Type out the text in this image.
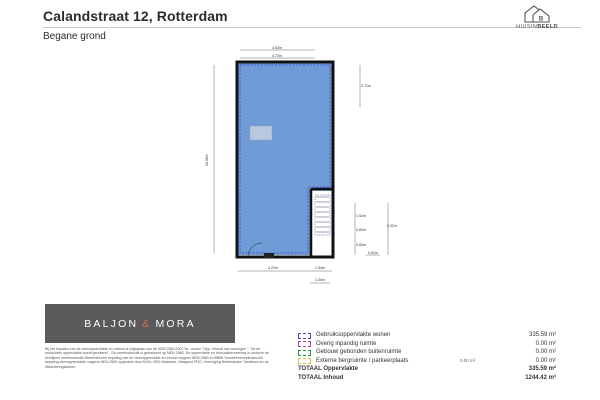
Calandstraat 12, Rotterdam
Begane grond
B
HUISINBEELD
4.82m
4.72m
16.08m
3.71m
1.52m
0.82m
0.83m
2.02m
0.52m
4.22m	1.54m
1.00m
BALJON & MORA
Bij het bepalen van de vloeroppervlakte en inhoud is uitgegaan van de NEN 2580:2007 NL, model "Opp. Inhoud van woningen" - Tot de bruto/netto oppervlakte wordt gerekend... De meetinstructie is gebaseerd op NEN 2580. De oppervlakte en inhoudsberekening is conform de richtlijnen meetinstructie Meetinstructie bepaling van de vloeroppervlakte en inhoud volgens NEN-2580 en BBMI Voorbeeldmeetinstructie bepaling vloeroppervlakte volgens NEN-2580 opgesteld door NVM, VBO Makelaar, Vastgoed PRO, Vereniging Nederlandse Taxateurs en de Waarderingskamer.
Gebruiksoppervlakte wonen	335.59 m²
Overig inpandig ruimte	0.00 m²
Gebouw gebonden buitenruimte	0.00 m²
Externe bergruimte / parkeerplaats	0.00 m²	0.00 m²
TOTAAL Oppervlakte	335.59 m²
TOTAAL Inhoud	1244.42 m³
